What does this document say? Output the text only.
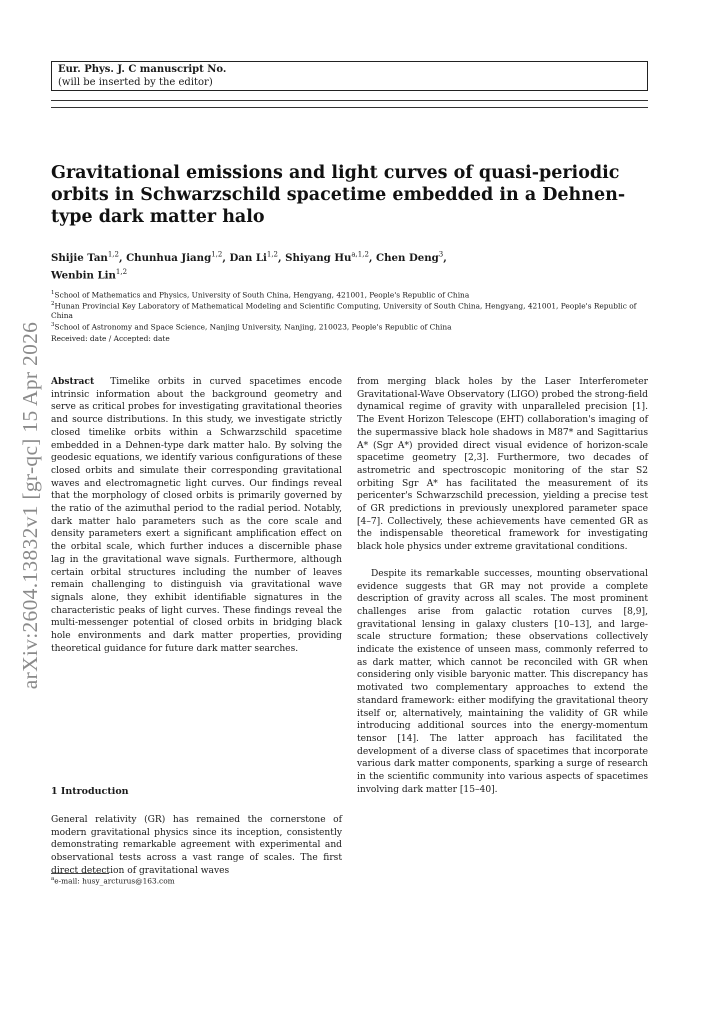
Eur. Phys. J. C manuscript No.
(will be inserted by the editor)
arXiv:2604.13832v1 [gr-qc] 15 Apr 2026
Gravitational emissions and light curves of quasi-periodic orbits in Schwarzschild spacetime embedded in a Dehnen-type dark matter halo
Shijie Tan$^{1,2}$, Chunhua Jiang$^{1,2}$, Dan Li$^{1,2}$, Shiyang Hu$^{a,1,2}$, Chen Deng$^3$,
Wenbin Lin$^{1,2}$
$^1$School of Mathematics and Physics, University of South China, Hengyang, 421001, People's Republic of China
$^2$Hunan Provincial Key Laboratory of Mathematical Modeling and Scientific Computing, University of South China, Hengyang, 421001, People's Republic of China
$^3$School of Astronomy and Space Science, Nanjing University, Nanjing, 210023, People's Republic of China
Received: date / Accepted: date

Abstract Timelike orbits in curved spacetimes encode intrinsic information about the background geometry and serve as critical probes for investigating gravitational theories and source distributions. In this study, we investigate strictly closed timelike orbits within a Schwarzschild spacetime embedded in a Dehnen-type dark matter halo. By solving the geodesic equations, we identify various configurations of these closed orbits and simulate their corresponding gravitational waves and electromagnetic light curves. Our findings reveal that the morphology of closed orbits is primarily governed by the ratio of the azimuthal period to the radial period. Notably, dark matter halo parameters such as the core scale and density parameters exert a significant amplification effect on the orbital scale, which further induces a discernible phase lag in the gravitational wave signals. Furthermore, although certain orbital structures including the number of leaves remain challenging to distinguish via gravitational wave signals alone, they exhibit identifiable signatures in the characteristic peaks of light curves. These findings reveal the multi-messenger potential of closed orbits in bridging black hole environments and dark matter properties, providing theoretical guidance for future dark matter searches.

1 Introduction

General relativity (GR) has remained the cornerstone of modern gravitational physics since its inception, consistently demonstrating remarkable agreement with experimental and observational tests across a vast range of scales. The first direct detection of gravitational waves

$^a$e-mail: husy_arcturus@163.com

from merging black holes by the Laser Interferometer Gravitational-Wave Observatory (LIGO) probed the strong-field dynamical regime of gravity with unparalleled precision [1]. The Event Horizon Telescope (EHT) collaboration's imaging of the supermassive black hole shadows in M87* and Sagittarius A* (Sgr A*) provided direct visual evidence of horizon-scale spacetime geometry [2,3]. Furthermore, two decades of astrometric and spectroscopic monitoring of the star S2 orbiting Sgr A* has facilitated the measurement of its pericenter's Schwarzschild precession, yielding a precise test of GR predictions in previously unexplored parameter space [4–7]. Collectively, these achievements have cemented GR as the indispensable theoretical framework for investigating black hole physics under extreme gravitational conditions.

Despite its remarkable successes, mounting observational evidence suggests that GR may not provide a complete description of gravity across all scales. The most prominent challenges arise from galactic rotation curves [8,9], gravitational lensing in galaxy clusters [10–13], and large-scale structure formation; these observations collectively indicate the existence of unseen mass, commonly referred to as dark matter, which cannot be reconciled with GR when considering only visible baryonic matter. This discrepancy has motivated two complementary approaches to extend the standard framework: either modifying the gravitational theory itself or, alternatively, maintaining the validity of GR while introducing additional sources into the energy-momentum tensor [14]. The latter approach has facilitated the development of a diverse class of spacetimes that incorporate various dark matter components, sparking a surge of research in the scientific community into various aspects of spacetimes involving dark matter [15–40].
